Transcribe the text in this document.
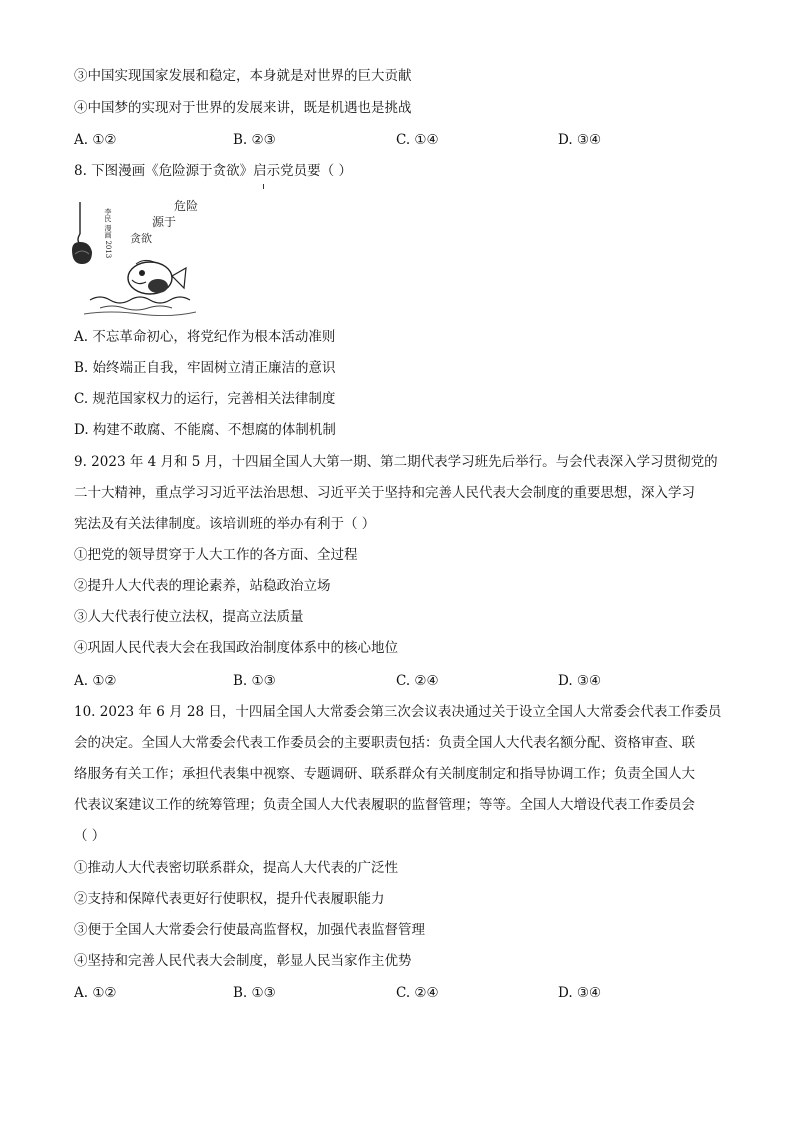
③中国实现国家发展和稳定，本身就是对世界的巨大贡献
④中国梦的实现对于世界的发展来讲，既是机遇也是挑战
A. ①②	B. ②③	C. ①④	D. ③④
8. 下图漫画《危险源于贪欲》启示党员要（ ）
李民 漫画 2013
危险
源于
贪欲
A. 不忘革命初心，将党纪作为根本活动准则
B. 始终端正自我，牢固树立清正廉洁的意识
C. 规范国家权力的运行，完善相关法律制度
D. 构建不敢腐、不能腐、不想腐的体制机制
9. 2023 年 4 月和 5 月，十四届全国人大第一期、第二期代表学习班先后举行。与会代表深入学习贯彻党的
二十大精神，重点学习习近平法治思想、习近平关于坚持和完善人民代表大会制度的重要思想，深入学习
宪法及有关法律制度。该培训班的举办有利于（ ）
①把党的领导贯穿于人大工作的各方面、全过程
②提升人大代表的理论素养，站稳政治立场
③人大代表行使立法权，提高立法质量
④巩固人民代表大会在我国政治制度体系中的核心地位
A. ①②	B. ①③	C. ②④	D. ③④
10. 2023 年 6 月 28 日，十四届全国人大常委会第三次会议表决通过关于设立全国人大常委会代表工作委员
会的决定。全国人大常委会代表工作委员会的主要职责包括：负责全国人大代表名额分配、资格审查、联
络服务有关工作；承担代表集中视察、专题调研、联系群众有关制度制定和指导协调工作；负责全国人大
代表议案建议工作的统筹管理；负责全国人大代表履职的监督管理；等等。全国人大增设代表工作委员会
（ ）
①推动人大代表密切联系群众，提高人大代表的广泛性
②支持和保障代表更好行使职权，提升代表履职能力
③便于全国人大常委会行使最高监督权，加强代表监督管理
④坚持和完善人民代表大会制度，彰显人民当家作主优势
A. ①②	B. ①③	C. ②④	D. ③④
